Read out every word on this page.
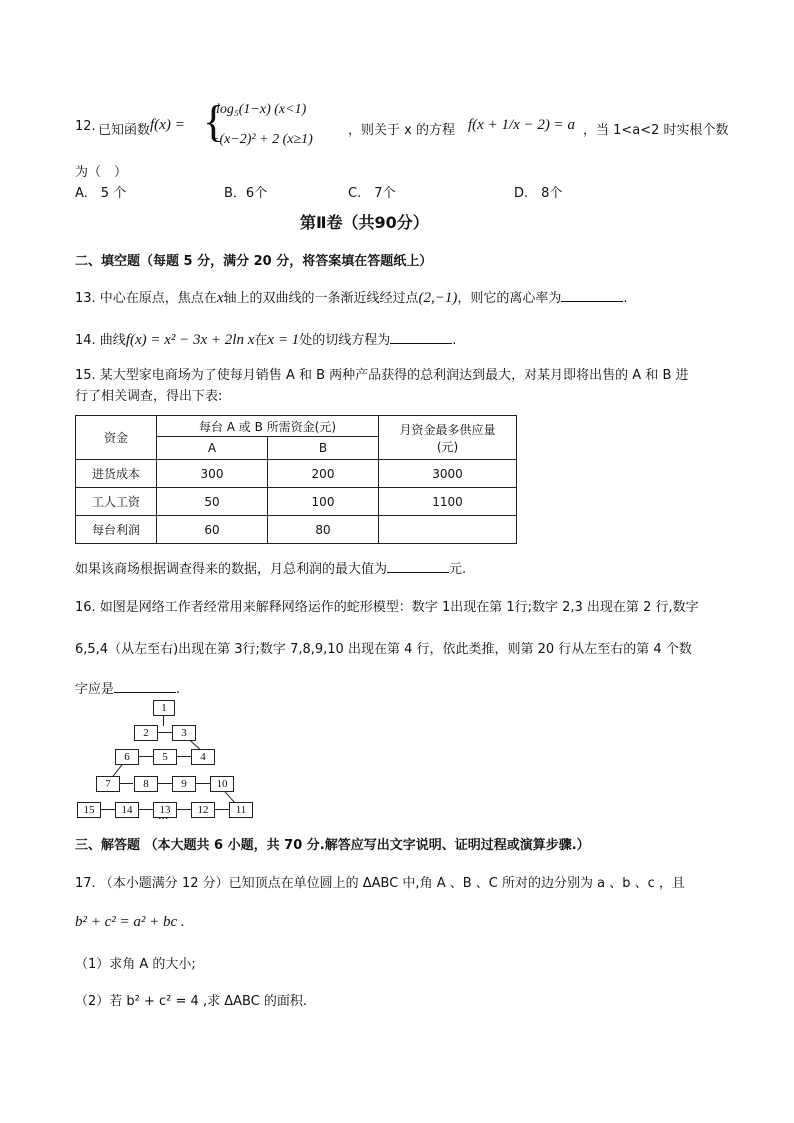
12. 已知函数 f(x) = {
log₅(1−x) (x<1)
−(x−2)² + 2 (x≥1)
，则关于 x 的方程 f(x + 1/x − 2) = a ，当 1<a<2 时实根个数
为（　）
A.　5 个	B．6个	C.　7个	D.　8个
第Ⅱ卷（共90分）
二、填空题（每题 5 分，满分 20 分，将答案填在答题纸上）
13. 中心在原点，焦点在x轴上的双曲线的一条渐近线经过点(2,−1)，则它的离心率为	.
14. 曲线f(x) = x² − 3x + 2ln x在x = 1处的切线方程为	.
15. 某大型家电商场为了使每月销售 A 和 B 两种产品获得的总利润达到最大，对某月即将出售的 A 和 B 进
行了相关调查，得出下表:
资金	每台 A 或 B 所需资金(元)		月资金最多供应量
(元)

	A	B	
进货成本	300	200	3000
工人工资	50	100	1100
每台利润	60	80	
如果该商场根据调查得来的数据，月总利润的最大值为	元.
16. 如图是网络工作者经常用来解释网络运作的蛇形模型：数字 1出现在第 1行;数字 2,3 出现在第 2 行,数字
6,5,4（从左至右)出现在第 3行;数字 7,8,9,10 出现在第 4 行，依此类推，则第 20 行从左至右的第 4 个数
字应是	.
1
2	3
6	5	4
7	8	9	10
15	14	13	12	11
···
三、解答题 （本大题共 6 小题，共 70 分.解答应写出文字说明、证明过程或演算步骤.）
17. （本小题满分 12 分）已知顶点在单位圆上的 ΔABC 中,角 A 、B 、C 所对的边分别为 a 、b 、c ，且
b² + c² = a² + bc .
（1）求角 A 的大小;
（2）若 b² + c² = 4 ,求 ΔABC 的面积.
